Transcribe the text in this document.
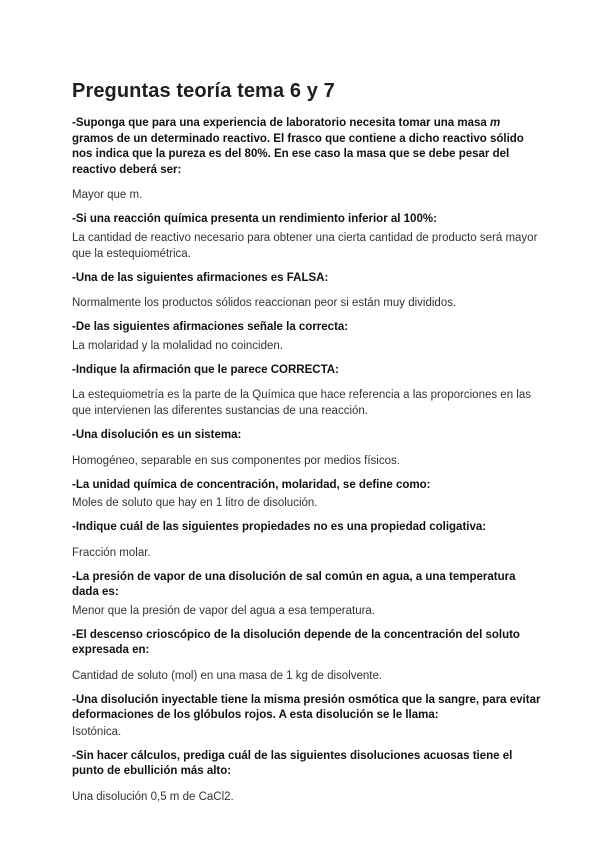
Preguntas teoría tema 6 y 7
-Suponga que para una experiencia de laboratorio necesita tomar una masa m gramos de un determinado reactivo. El frasco que contiene a dicho reactivo sólido nos indica que la pureza es del 80%. En ese caso la masa que se debe pesar del reactivo deberá ser:
Mayor que m.
-Si una reacción química presenta un rendimiento inferior al 100%:
La cantidad de reactivo necesario para obtener una cierta cantidad de producto será mayor que la estequiométrica.
-Una de las siguientes afirmaciones es FALSA:
Normalmente los productos sólidos reaccionan peor si están muy divididos.
-De las siguientes afirmaciones señale la correcta:
La molaridad y la molalidad no coinciden.
-Indique la afirmación que le parece CORRECTA:
La estequiometría es la parte de la Química que hace referencia a las proporciones en las que intervienen las diferentes sustancias de una reacción.
-Una disolución es un sistema:
Homogéneo, separable en sus componentes por medios físicos.
-La unidad química de concentración, molaridad, se define como:
Moles de soluto que hay en 1 litro de disolución.
-Indique cuál de las siguientes propiedades no es una propiedad coligativa:
Fracción molar.
-La presión de vapor de una disolución de sal común en agua, a una temperatura dada es:
Menor que la presión de vapor del agua a esa temperatura.
-El descenso crioscópico de la disolución depende de la concentración del soluto expresada en:
Cantidad de soluto (mol) en una masa de 1 kg de disolvente.
-Una disolución inyectable tiene la misma presión osmótica que la sangre, para evitar deformaciones de los glóbulos rojos. A esta disolución se le llama:
Isotónica.
-Sin hacer cálculos, prediga cuál de las siguientes disoluciones acuosas tiene el punto de ebullición más alto:
Una disolución 0,5 m de CaCl2.
